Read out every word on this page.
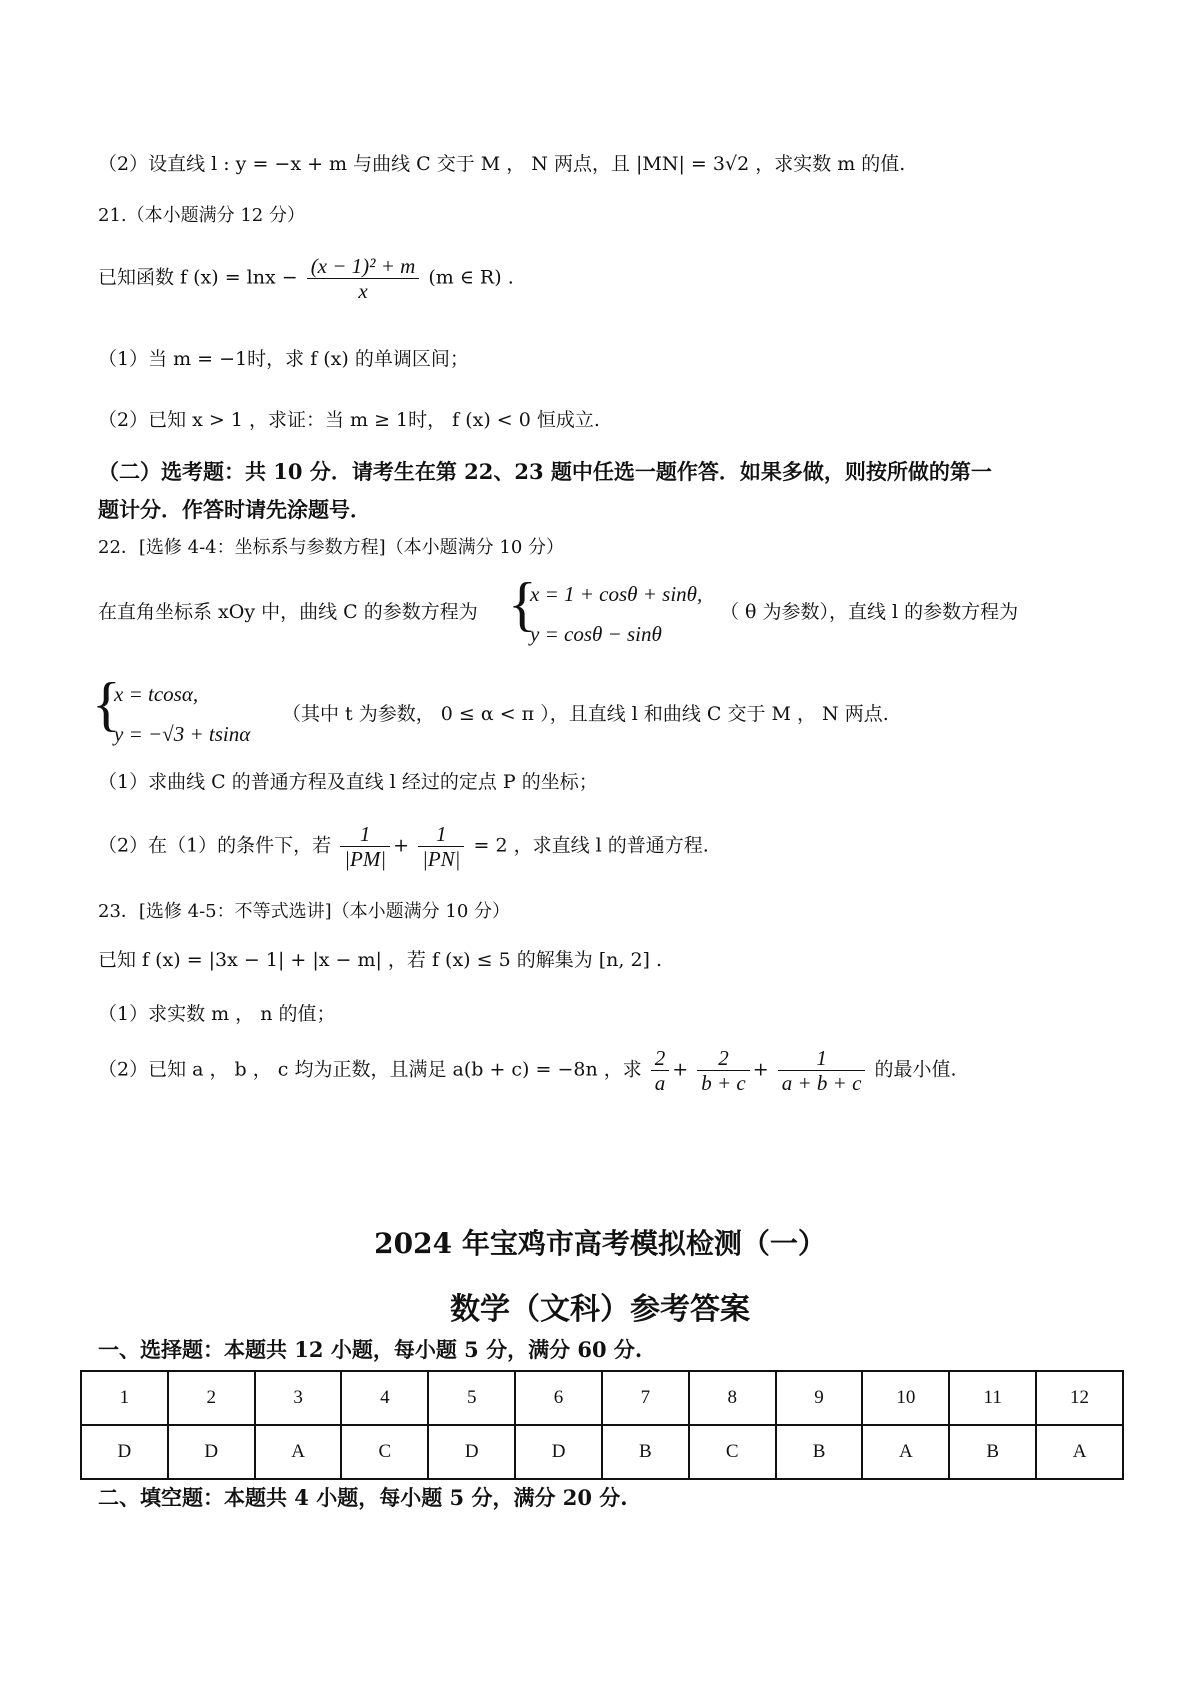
（2）设直线 l : y = −x + m 与曲线 C 交于 M ， N 两点，且 |MN| = 3√2 ，求实数 m 的值.
21.（本小题满分 12 分）
已知函数 f $(x) = \ln x - \frac{\text{(x − 1)² + m}}{x} (m$ ∈ R) .
（1）当 m = −1时，求 f (x) 的单调区间；
（2）已知 x > 1 ，求证：当 m ≥ 1时， f (x) < 0 恒成立.
（二）选考题：共 10 分．请考生在第 22、23 题中任选一题作答．如果多做，则按所做的第一
题计分．作答时请先涂题号．
22．[选修 4-4：坐标系与参数方程]（本小题满分 10 分）
在直角坐标系 xOy 中，曲线 C 的参数方程为 {
x = 1 + cosθ + sinθ,
y = cosθ − sinθ
（ θ 为参数），直线 l 的参数方程为
{
x = tcosα,
y = −√3 + tsinα
（其中 t 为参数， 0 ≤ α < π ），且直线 l 和曲线 C 交于 M ， N 两点.
（1）求曲线 C 的普通方程及直线 l 经过的定点 P 的坐标；
（2）在（1）的条件下，若 $\frac{1}{|PM|} + \frac{1}{|PN|} = 2$ ，求直线 l 的普通方程.
23．[选修 4-5：不等式选讲]（本小题满分 10 分）
已知 f (x) = |3x − 1| + |x − m| ，若 f (x) ≤ 5 的解集为 [n, 2] .
（1）求实数 m ， n 的值；
（2）已知 a ， b ， c 均为正数，且满足 a(b + c) = −8n ，求 $\frac{2}{a} + \frac{2}{b + c} + \frac{1}{a + b + c}$ 的最小值.
2024 年宝鸡市高考模拟检测（一）
数学（文科）参考答案
一、选择题：本题共 12 小题，每小题 5 分，满分 60 分.
1	2	3	4	5	6	7	8	9	10	11	12
D	D	A	C	D	D	B	C	B	A	B	A
二、填空题：本题共 4 小题，每小题 5 分，满分 20 分.
